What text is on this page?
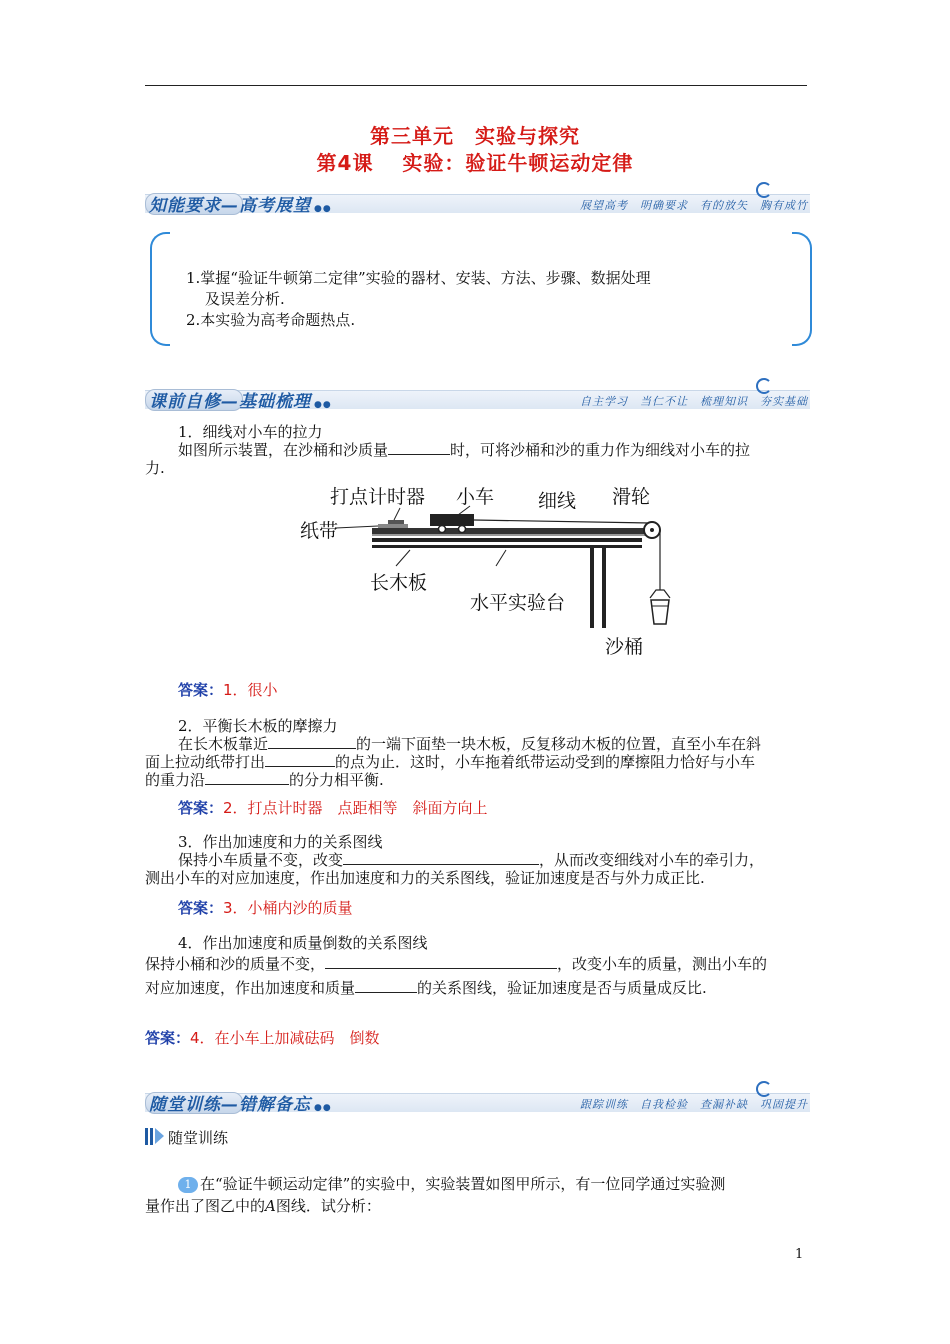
第三单元　实验与探究
第4课　 实验：验证牛顿运动定律
知能要求—高考展望 ●●	展望高考　明确要求　有的放矢　胸有成竹
1.掌握“验证牛顿第二定律”实验的器材、安装、方法、步骤、数据处理
及误差分析.
2.本实验为高考命题热点.
课前自修—基础梳理 ●●	自主学习　当仁不让　梳理知识　夯实基础
1．细线对小车的拉力
如图所示装置，在沙桶和沙质量	时，可将沙桶和沙的重力作为细线对小车的拉
力.
打点计时器 小车 细线 滑轮
纸带
长木板
水平实验台
沙桶
答案：1．很小
2．平衡长木板的摩擦力
在长木板靠近	的一端下面垫一块木板，反复移动木板的位置，直至小车在斜
面上拉动纸带打出	的点为止．这时，小车拖着纸带运动受到的摩擦阻力恰好与小车
的重力沿	的分力相平衡.
答案：2．打点计时器　点距相等　斜面方向上
3．作出加速度和力的关系图线
保持小车质量不变，改变	，从而改变细线对小车的牵引力，
测出小车的对应加速度，作出加速度和力的关系图线，验证加速度是否与外力成正比.
答案：3．小桶内沙的质量
4．作出加速度和质量倒数的关系图线
保持小桶和沙的质量不变，	，改变小车的质量，测出小车的
对应加速度，作出加速度和质量	的关系图线，验证加速度是否与质量成反比.
答案：4．在小车上加减砝码　倒数
随堂训练—错解备忘 ●●	跟踪训练　自我检验　查漏补缺　巩固提升
随堂训练
1 在“验证牛顿运动定律”的实验中，实验装置如图甲所示，有一位同学通过实验测
量作出了图乙中的A图线．试分析：
1
